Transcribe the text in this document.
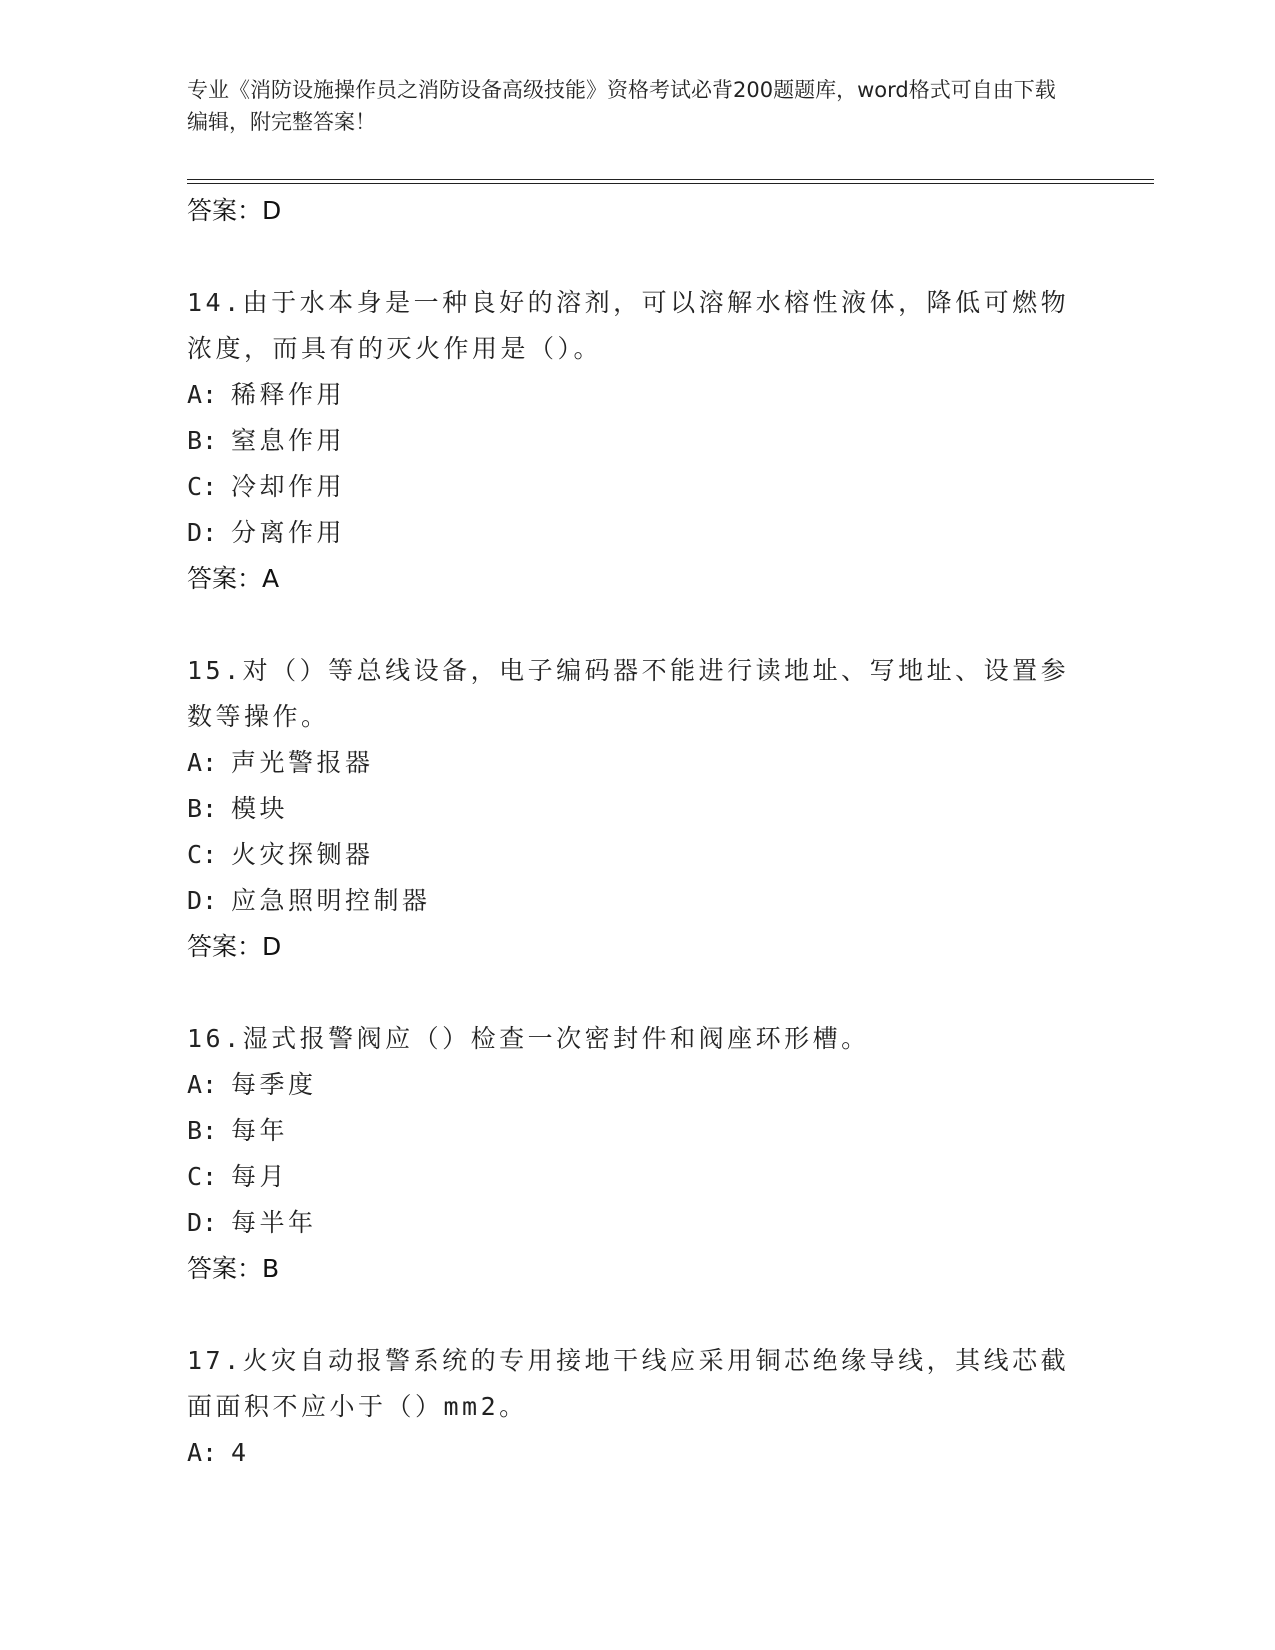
专业《消防设施操作员之消防设备高级技能》资格考试必背200题题库，word格式可自由下载编辑，附完整答案！
答案：D
14.由于水本身是一种良好的溶剂，可以溶解水榕性液体，降低可燃物浓度，而具有的灭火作用是（）。
A: 稀释作用
B: 窒息作用
C: 冷却作用
D: 分离作用
答案：A
15.对（）等总线设备，电子编码器不能进行读地址、写地址、设置参数等操作。
A: 声光警报器
B: 模块
C: 火灾探铡器
D: 应急照明控制器
答案：D
16.湿式报警阀应（）检查一次密封件和阀座环形槽。
A: 每季度
B: 每年
C: 每月
D: 每半年
答案：B
17.火灾自动报警系统的专用接地干线应采用铜芯绝缘导线，其线芯截面面积不应小于（）mm2。
A: 4
